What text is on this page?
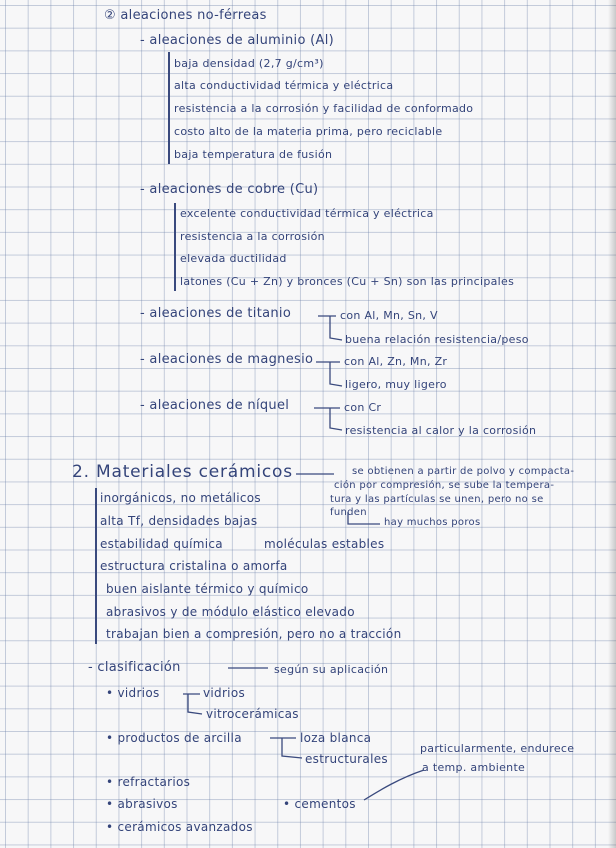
② aleaciones no-férreas
- aleaciones de aluminio (Al)
baja densidad (2,7 g/cm³)
alta conductividad térmica y eléctrica
resistencia a la corrosión y facilidad de conformado
costo alto de la materia prima, pero reciclable
baja temperatura de fusión
- aleaciones de cobre (Cu)
excelente conductividad térmica y eléctrica
resistencia a la corrosión
elevada ductilidad
latones (Cu + Zn) y bronces (Cu + Sn) son las principales
- aleaciones de titanio	con Al, Mn, Sn, V
buena relación resistencia/peso
- aleaciones de magnesio	con Al, Zn, Mn, Zr
ligero, muy ligero
- aleaciones de níquel	con Cr
resistencia al calor y la corrosión
2. Materiales cerámicos	se obtienen a partir de polvo y compacta-
ción por compresión, se sube la tempera-
tura y las partículas se unen, pero no se
funden
hay muchos poros
inorgánicos, no metálicos
alta Tf, densidades bajas
estabilidad química	moléculas estables
estructura cristalina o amorfa
buen aislante térmico y químico
abrasivos y de módulo elástico elevado
trabajan bien a compresión, pero no a tracción
- clasificación	según su aplicación
• vidrios	vidrios
vitrocerámicas
• productos de arcilla	loza blanca
estructurales
particularmente, endurece
a temp. ambiente
• refractarios
• abrasivos	• cementos
• cerámicos avanzados
